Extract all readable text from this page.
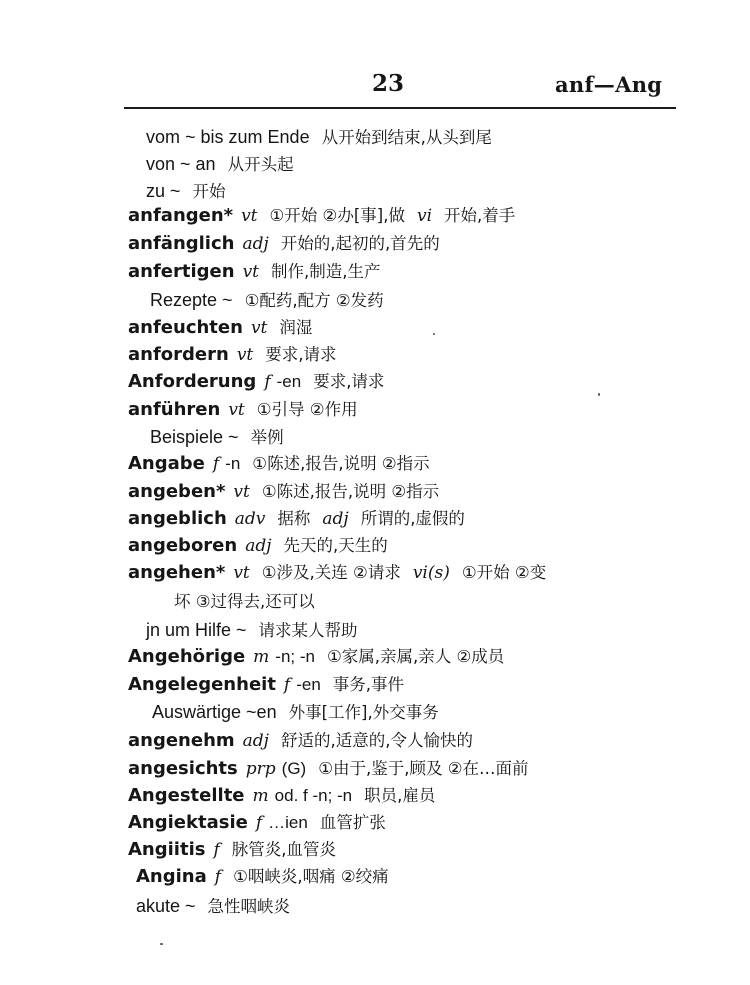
23	anf—Ang
vom ~ bis zum Ende 从开始到结束,从头到尾
von ~ an 从开头起
zu ~ 开始
anfangen* vt ①开始 ②办[事],做 vi 开始,着手
anfänglich adj 开始的,起初的,首先的
anfertigen vt 制作,制造,生产
Rezepte ~ ①配药,配方 ②发药
anfeuchten vt 润湿
anfordern vt 要求,请求
Anforderung f -en 要求,请求
anführen vt ①引导 ②作用
Beispiele ~ 举例
Angabe f -n ①陈述,报告,说明 ②指示
angeben* vt ①陈述,报告,说明 ②指示
angeblich adv 据称 adj 所谓的,虚假的
angeboren adj 先天的,天生的
angehen* vt ①涉及,关连 ②请求 vi(s) ①开始 ②变
坏 ③过得去,还可以
jn um Hilfe ~ 请求某人帮助
Angehörige m -n; -n ①家属,亲属,亲人 ②成员
Angelegenheit f -en 事务,事件
Auswärtige ~en 外事[工作],外交事务
angenehm adj 舒适的,适意的,令人愉快的
angesichts prp (G) ①由于,鉴于,顾及 ②在…面前
Angestellte m od. f -n; -n 职员,雇员
Angiektasie f …ien 血管扩张
Angiitis f 脉管炎,血管炎
Angina f ①咽峡炎,咽痛 ②绞痛
akute ~ 急性咽峡炎
